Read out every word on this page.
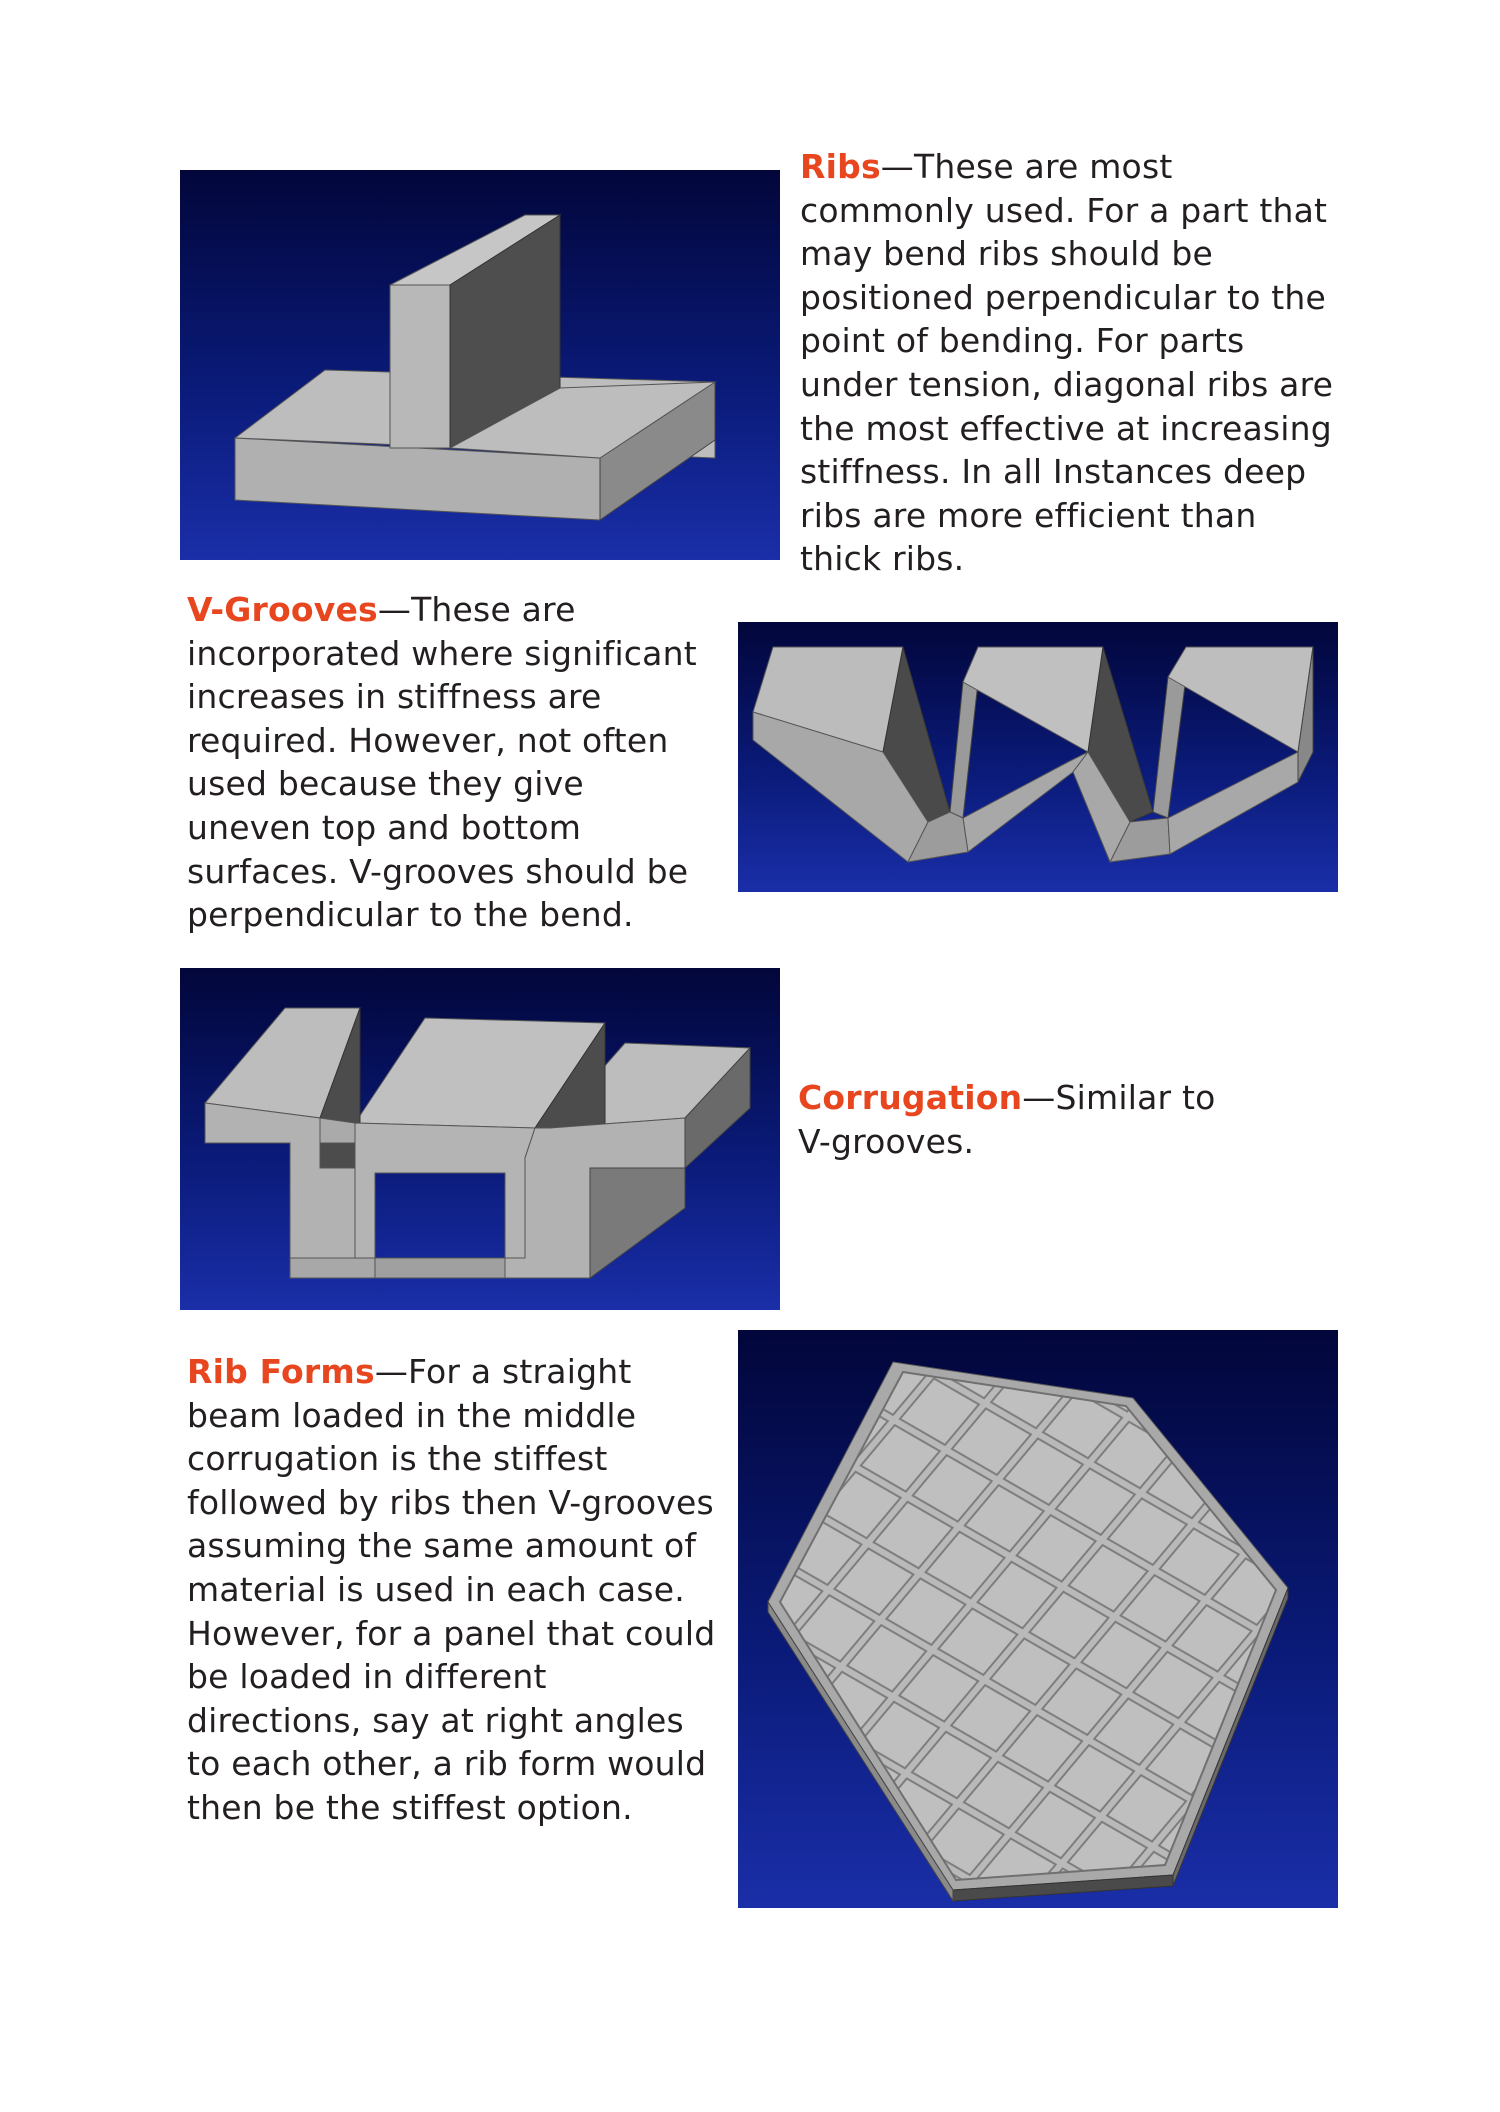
Ribs—These are most commonly used. For a part that may bend ribs should be positioned perpendicular to the point of bending. For parts under tension, diagonal ribs are the most effective at increasing stiffness. In all Instances deep ribs are more efficient than thick ribs.

V-Grooves—These are incorporated where significant increases in stiffness are required. However, not often used because they give uneven top and bottom surfaces. V-grooves should be perpendicular to the bend.

Corrugation—Similar to V-grooves.

Rib Forms—For a straight beam loaded in the middle corrugation is the stiffest followed by ribs then V-grooves assuming the same amount of material is used in each case. However, for a panel that could be loaded in different directions, say at right angles to each other, a rib form would then be the stiffest option.
